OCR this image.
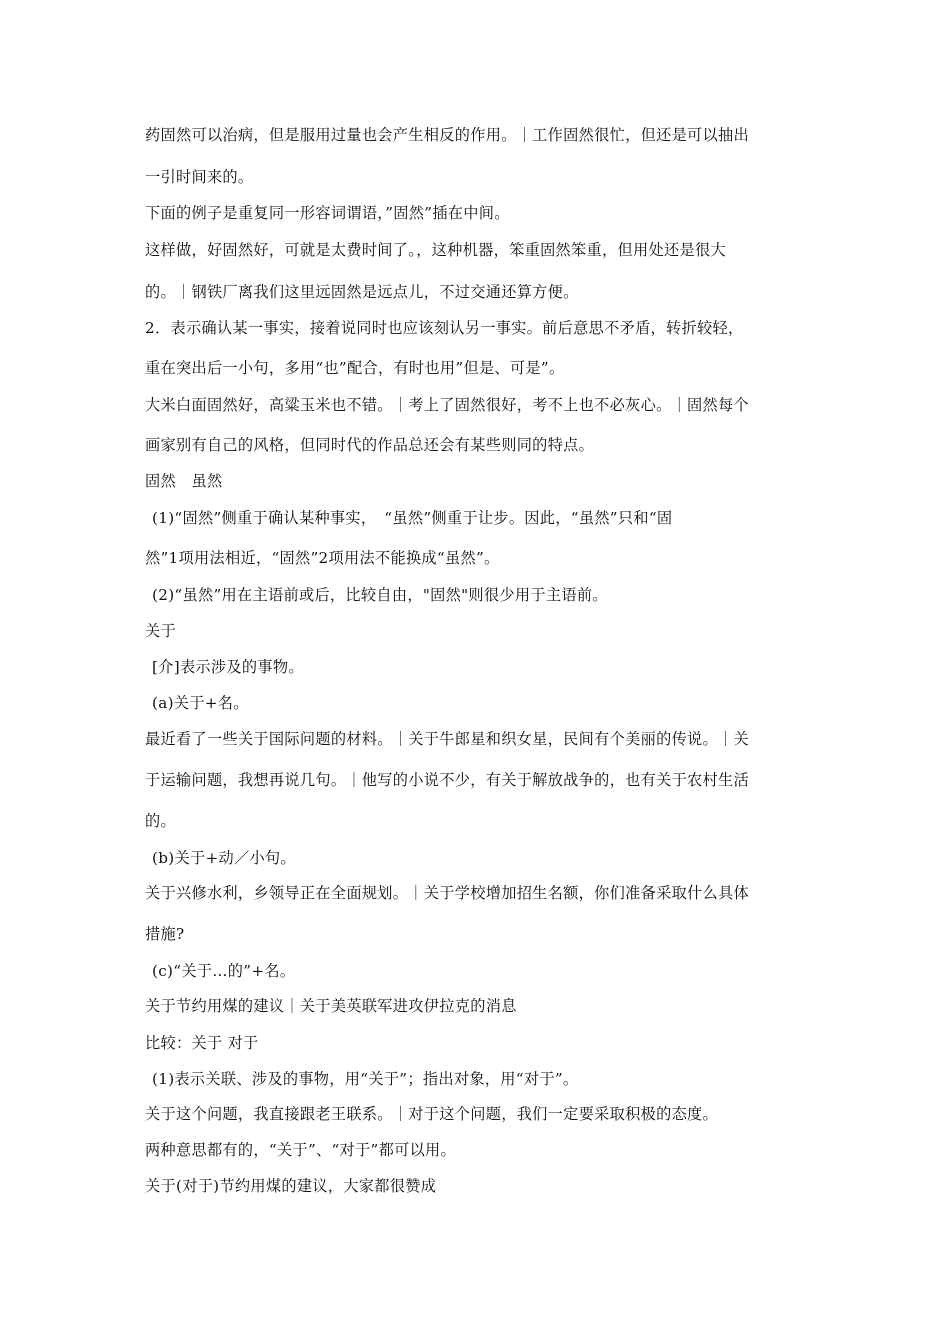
药固然可以治病，但是服用过量也会产生相反的作用。｜工作固然很忙，但还是可以抽出
一引时间来的。
下面的例子是重复同一形容词谓语，”固然”插在中间。
这样做，好固然好，可就是太费时间了。，这种机器，笨重固然笨重，但用处还是很大
的。｜钢铁厂离我们这里远固然是远点儿，不过交通还算方便。
2．表示确认某一事实，接着说同时也应该刻认另一事实。前后意思不矛盾，转折较轻，
重在突出后一小句，多用“也”配合，有时也用”但是、可是”。
大米白面固然好，高粱玉米也不错。｜考上了固然很好，考不上也不必灰心。｜固然每个
画家别有自己的风格，但同时代的作品总还会有某些则同的特点。
固然　虽然
(1)“固然”侧重于确认某种事实，　“虽然”侧重于让步。因此，“虽然”只和“固
然”1项用法相近，“固然”2项用法不能换成“虽然”。
(2)“虽然”用在主语前或后，比较自由，"固然"则很少用于主语前。
关于
[介]表示涉及的事物。
(a)关于+名。
最近看了一些关于国际问题的材料。｜关于牛郎星和织女星，民间有个美丽的传说。｜关
于运输问题，我想再说几句。｜他写的小说不少，有关于解放战争的，也有关于农村生活
的。
(b)关于+动／小句。
关于兴修水利，乡领导正在全面规划。｜关于学校增加招生名额，你们准备采取什么具体
措施?
(c)“关于…的”+名。
关于节约用煤的建议｜关于美英联军进攻伊拉克的消息
比较：关于 对于
(1)表示关联、涉及的事物，用“关于”；指出对象，用“对于”。
关于这个问题，我直接跟老王联系。｜对于这个问题，我们一定要采取积极的态度。
两种意思都有的，“关于”、“对于”都可以用。
关于(对于)节约用煤的建议，大家都很赞成
